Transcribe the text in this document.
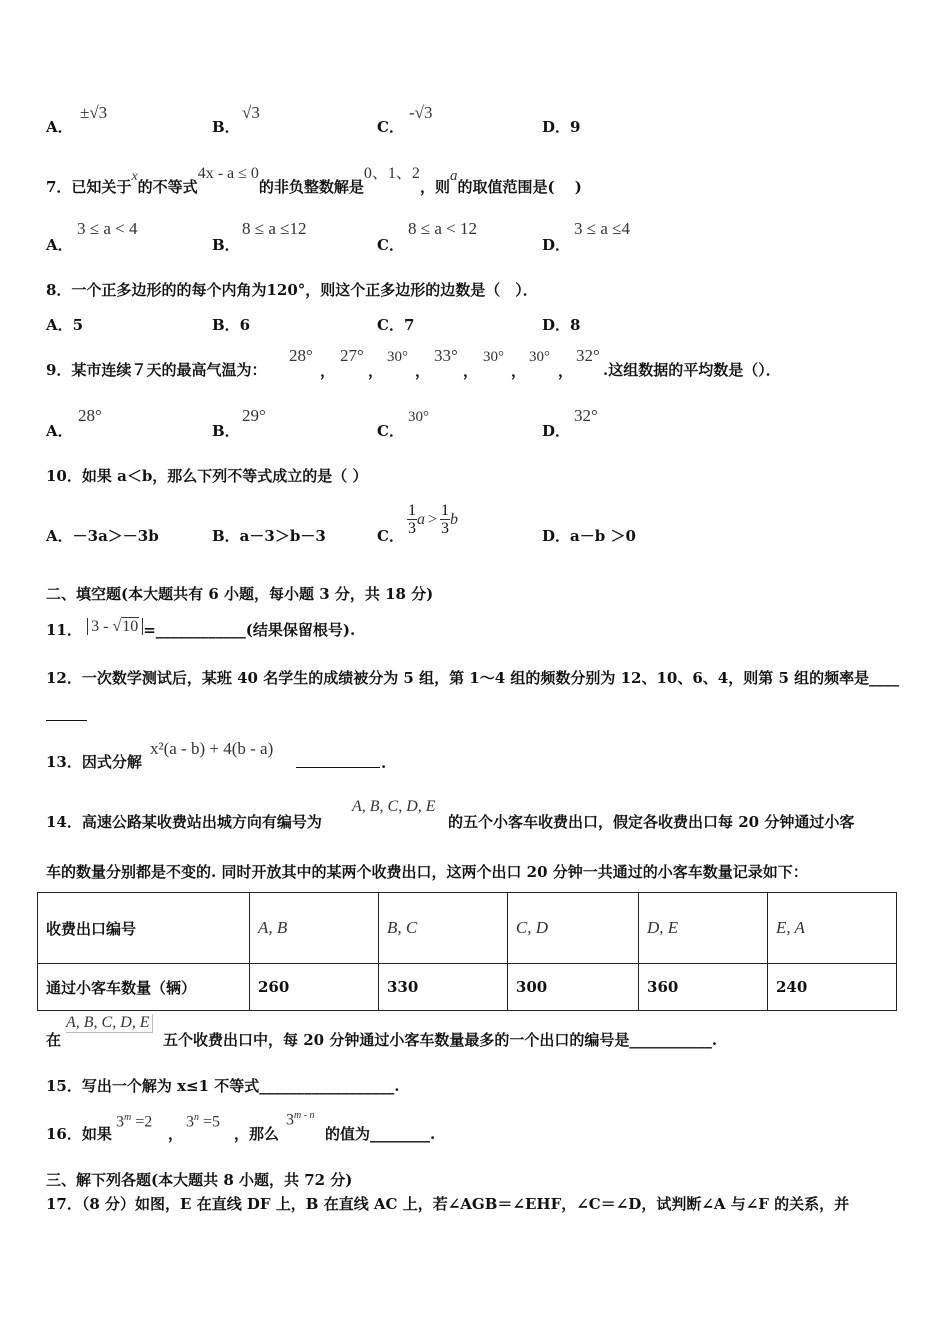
A．
±√3
B．
√3
C．
-√3
D．9
7．已知关于$^x$的不等式$^{4x - a \le 0}$的非负整数解是$^{0、1、2}$，则$^a$的取值范围是(　 )
A．
3 ≤ a < 4
B．
8 ≤ a ≤12
C．
8 ≤ a < 12
D．
3 ≤ a ≤4
8．一个正多边形的的每个内角为120°，则这个正多边形的边数是（　）．
A．5	B．6	C．7	D．8
9．某市连续７天的最高气温为：
28°
，
27°
，
30°
，
33°
，
30°
，
30°
，
32°
.这组数据的平均数是（）．
A．
28°
B．
29°
C．
30°
D．
32°
10．如果 a＜b，那么下列不等式成立的是（ ）
A．－3a＞－3b	B．a－3＞b－3	C． $\frac{1}{3}$ $a > \frac{1}{3}$ b
D．a－b ＞0
二、填空题(本大题共有 6 小题，每小题 3 分，共 18 分)
11． 3 - √10 =____________(结果保留根号).
12．一次数学测试后，某班 40 名学生的成绩被分为 5 组，第 1～4 组的频数分别为 12、10、6、4，则第 5 组的频率是____
13．因式分解
x²(a - b) + 4(b - a)
.
14．高速公路某收费站出城方向有编号为
A, B, C, D, E
的五个小客车收费出口，假定各收费出口每 20 分钟通过小客
车的数量分别都是不变的. 同时开放其中的某两个收费出口，这两个出口 20 分钟一共通过的小客车数量记录如下：
收费出口编号	A, B	B, C	C, D	D, E	E, A
通过小客车数量（辆）	260	330	300	360	240
在
A, B, C, D, E
五个收费出口中，每 20 分钟通过小客车数量最多的一个出口的编号是___________.
15．写出一个解为 x≤1 不等式__________________.
16．如果
$3^m =2$
，
$3^n =5$
，那么
3$^{m - n}$
的值为________.
三、解下列各题(本大题共 8 小题，共 72 分)
17．（8 分）如图，E 在直线 DF 上，B 在直线 AC 上，若∠AGB＝∠EHF，∠C＝∠D，试判断∠A 与∠F 的关系，并
